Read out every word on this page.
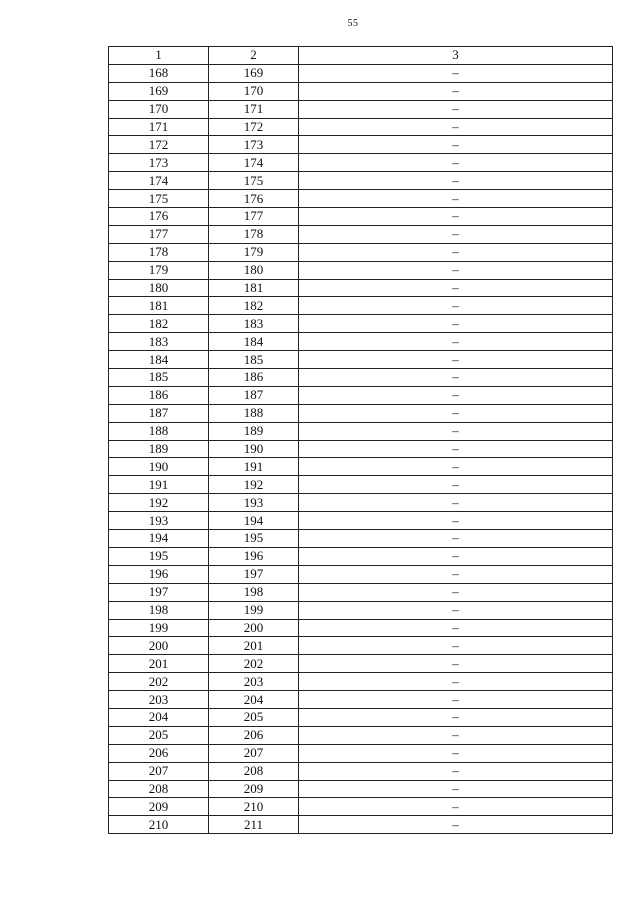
55
1	2	3
168	169	–
169	170	–
170	171	–
171	172	–
172	173	–
173	174	–
174	175	–
175	176	–
176	177	–
177	178	–
178	179	–
179	180	–
180	181	–
181	182	–
182	183	–
183	184	–
184	185	–
185	186	–
186	187	–
187	188	–
188	189	–
189	190	–
190	191	–
191	192	–
192	193	–
193	194	–
194	195	–
195	196	–
196	197	–
197	198	–
198	199	–
199	200	–
200	201	–
201	202	–
202	203	–
203	204	–
204	205	–
205	206	–
206	207	–
207	208	–
208	209	–
209	210	–
210	211	–
